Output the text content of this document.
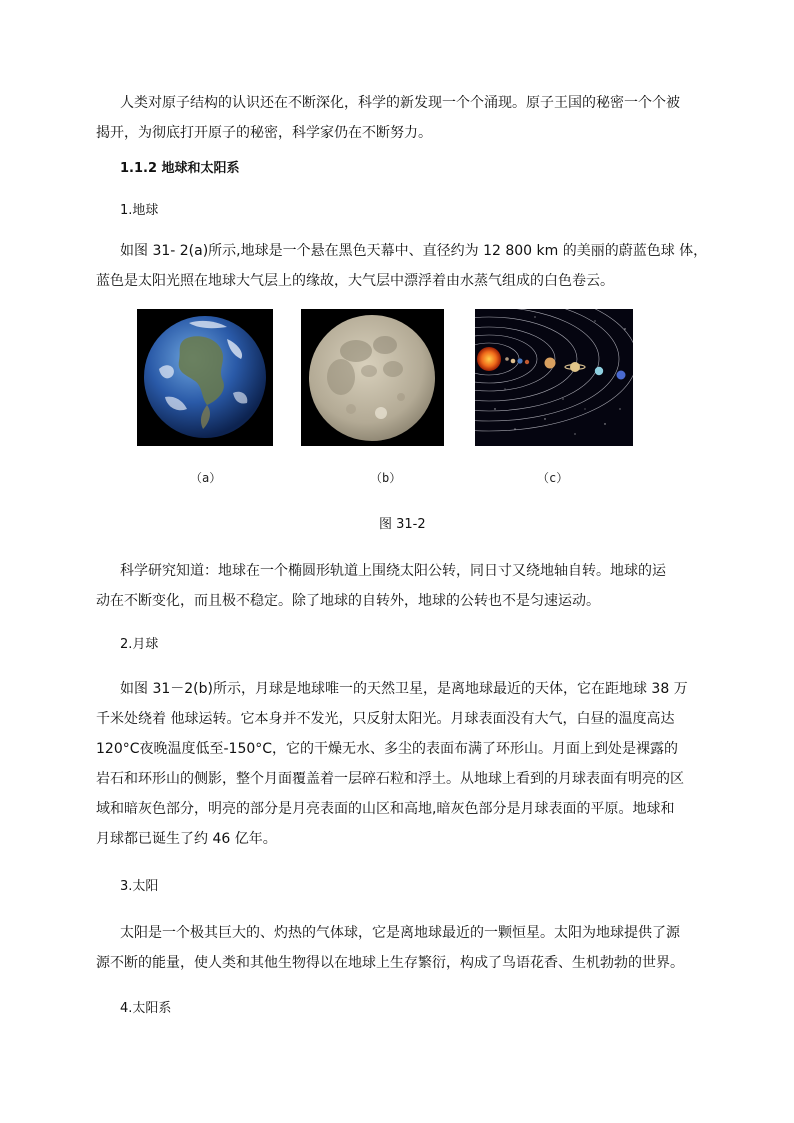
人类对原子结构的认识还在不断深化，科学的新发现一个个涌现。原子王国的秘密一个个被
揭开，为彻底打开原子的秘密，科学家仍在不断努力。

1.1.2 地球和太阳系

1.地球

如图 31- 2(a)所示,地球是一个悬在黑色天幕中、直径约为 12 800 km 的美丽的蔚蓝色球 体，
蓝色是太阳光照在地球大气层上的缘故，大气层中漂浮着由水蒸气组成的白色卷云。

（a）	（b）	（c）
图 31-2

科学研究知道：地球在一个椭圆形轨道上围绕太阳公转，同日寸又绕地轴自转。地球的运
动在不断变化，而且极不稳定。除了地球的自转外，地球的公转也不是匀速运动。

2.月球

如图 31－2(b)所示，月球是地球唯一的天然卫星，是离地球最近的天体，它在距地球 38 万
千米处绕着 他球运转。它本身并不发光，只反射太阳光。月球表面没有大气，白昼的温度高达
120°C夜晚温度低至-150°C，它的干燥无水、多尘的表面布满了环形山。月面上到处是裸露的
岩石和环形山的侧影，整个月面覆盖着一层碎石粒和浮土。从地球上看到的月球表面有明亮的区
域和暗灰色部分，明亮的部分是月亮表面的山区和高地,暗灰色部分是月球表面的平原。地球和
月球都已诞生了约 46 亿年。

3.太阳

太阳是一个极其巨大的、灼热的气体球，它是离地球最近的一颗恒星。太阳为地球提供了源
源不断的能量，使人类和其他生物得以在地球上生存繁衍，构成了鸟语花香、生机勃勃的世界。

4.太阳系
